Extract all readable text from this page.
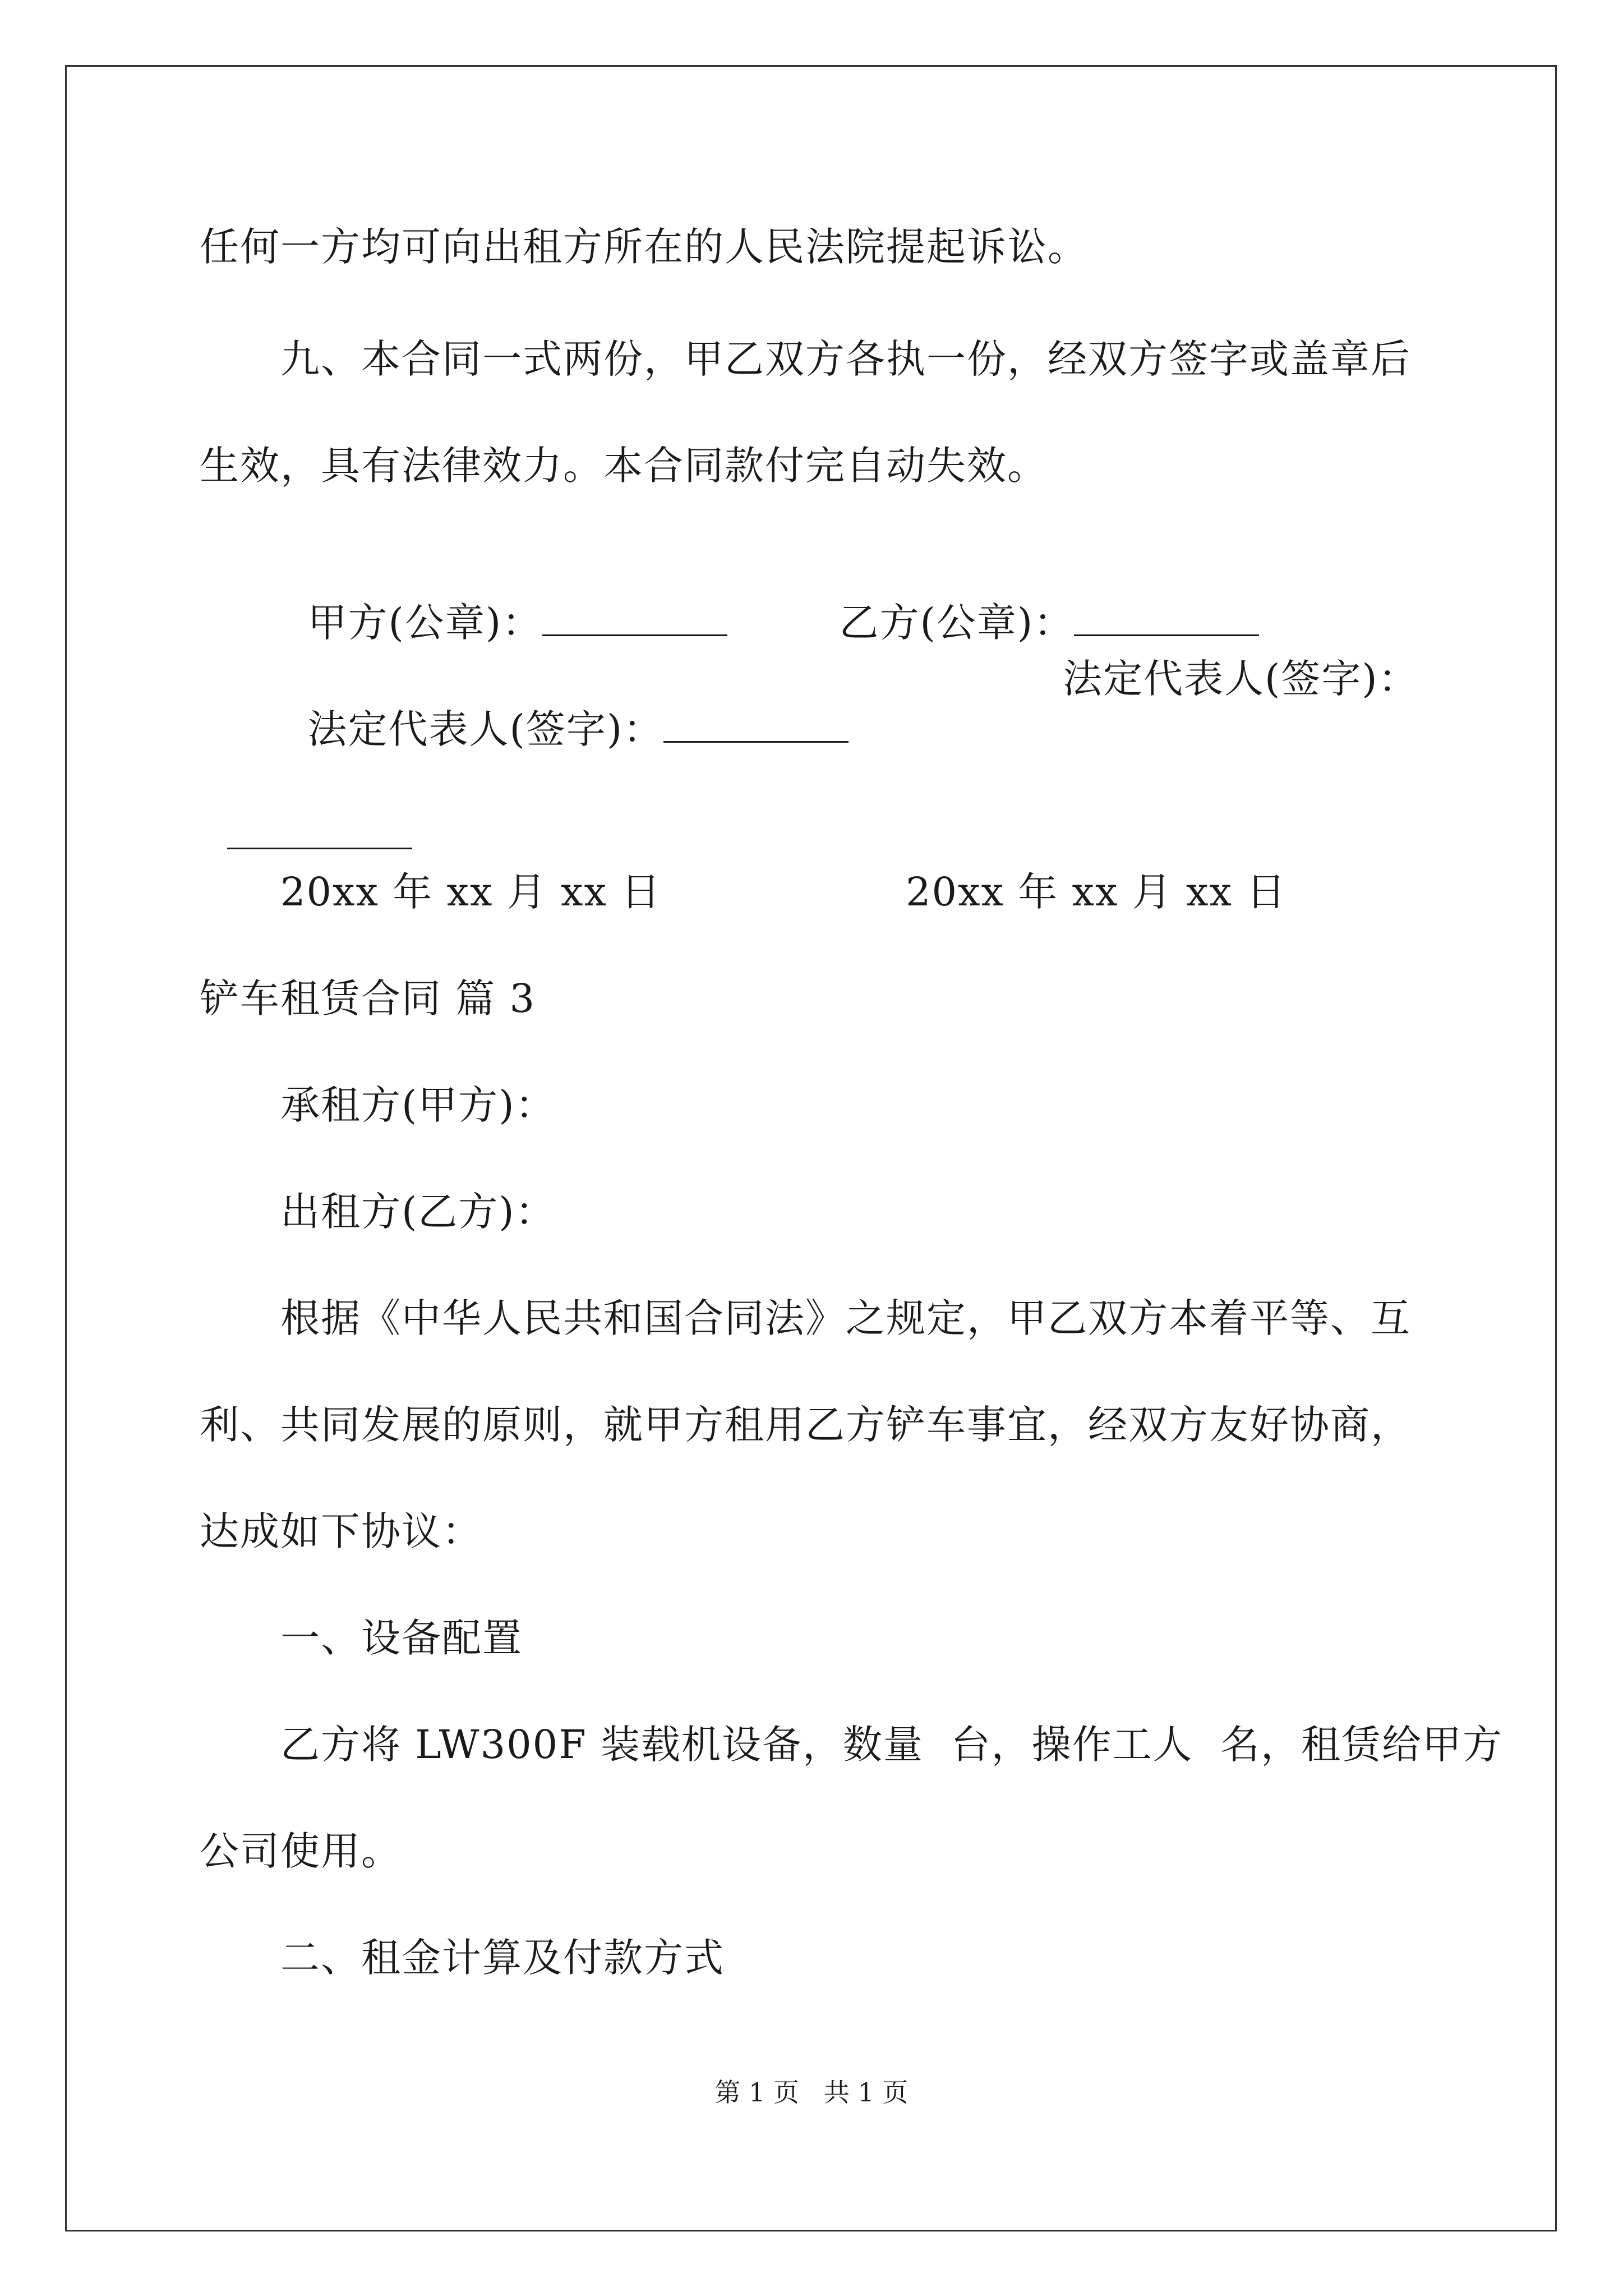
任何一方均可向出租方所在的人民法院提起诉讼。
九、本合同一式两份，甲乙双方各执一份，经双方签字或盖章后
生效，具有法律效力。本合同款付完自动失效。

甲方(公章)：	乙方(公章)：

法定代表人(签字)：

法定代表人(签字)：

20xx 年 xx 月 xx 日	20xx 年 xx 月 xx 日
铲车租赁合同 篇 3
承租方(甲方)：
出租方(乙方)：
根据《中华人民共和国合同法》之规定，甲乙双方本着平等、互
利、共同发展的原则，就甲方租用乙方铲车事宜，经双方友好协商，
达成如下协议：
一、设备配置
乙方将 LW300F 装载机设备，数量  台，操作工人  名，租赁给甲方
公司使用。
二、租金计算及付款方式
第 1 页   共 1 页
